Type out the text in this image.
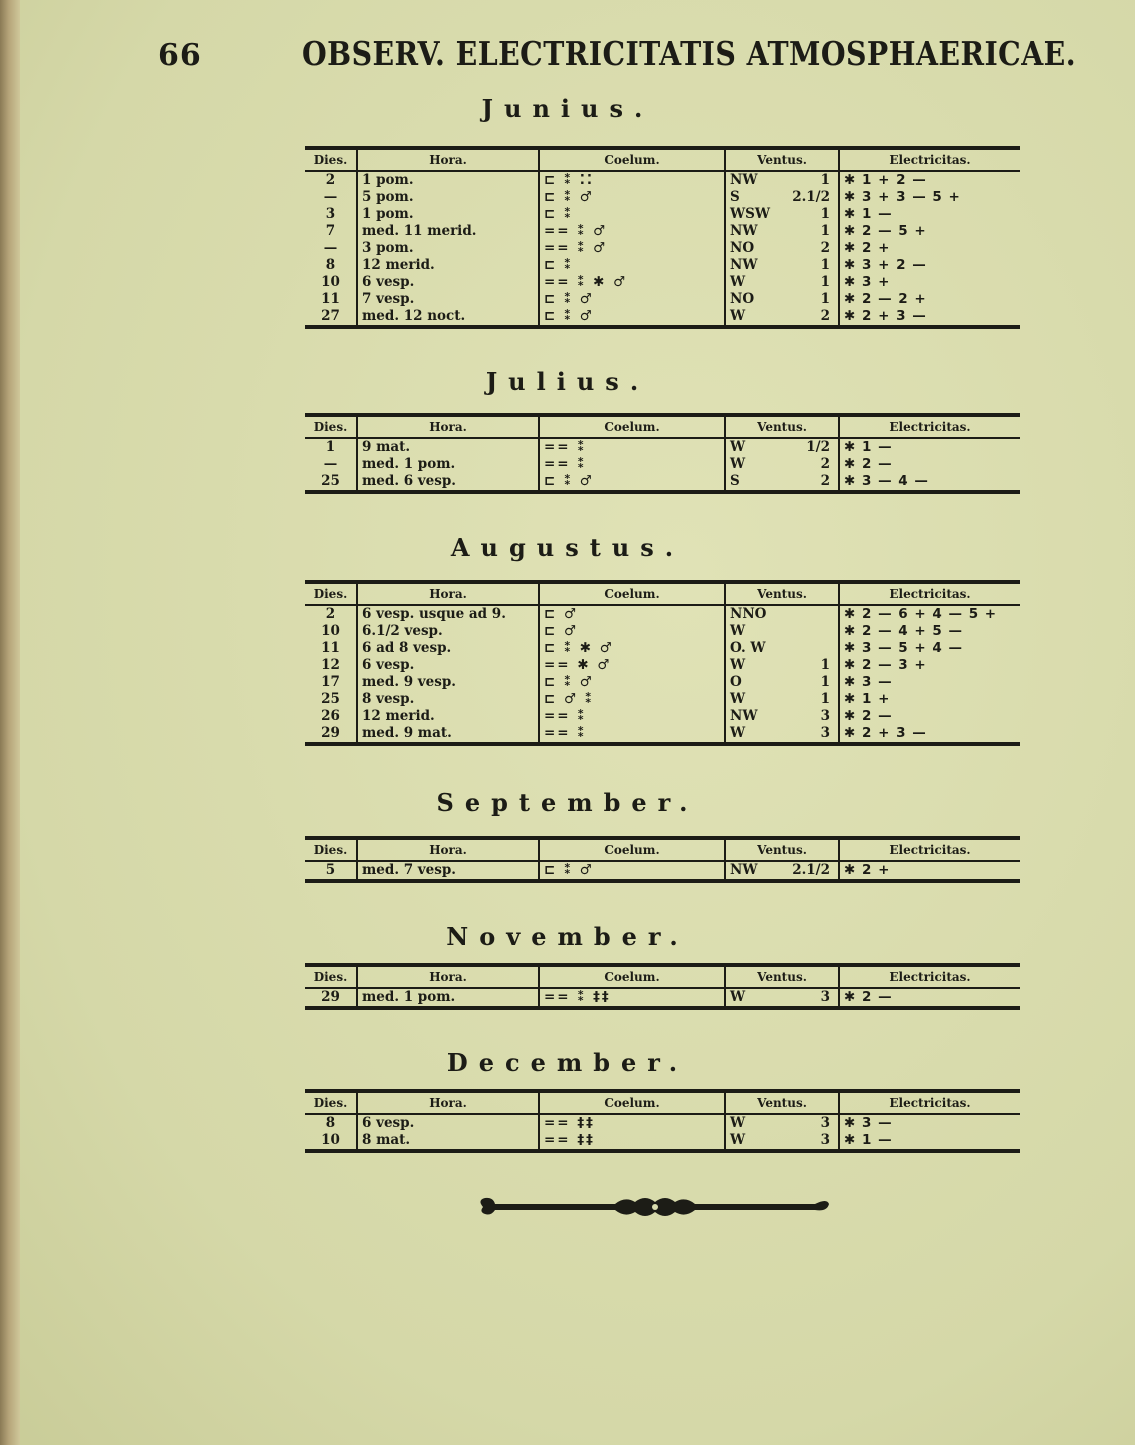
66	OBSERV. ELECTRICITATIS ATMOSPHAERICAE.
Junius.
Dies.	Hora.	Coelum.	Ventus.	Electricitas.
2	1 pom.	⊏ ⁑ ⁚⁚	NW 1	✱ 1 + 2 —
—	5 pom.	⊏ ⁑ ♂	S 2.1/2	✱ 3 + 3 — 5 +
3	1 pom.	⊏ ⁑	WSW 1	✱ 1 —
7	med. 11 merid.	== ⁑ ♂	NW 1	✱ 2 — 5 +
—	3 pom.	== ⁑ ♂	NO 2	✱ 2 +
8	12 merid.	⊏ ⁑	NW 1	✱ 3 + 2 —
10	6 vesp.	== ⁑ ✱ ♂	W 1	✱ 3 +
11	7 vesp.	⊏ ⁑ ♂	NO 1	✱ 2 — 2 +
27	med. 12 noct.	⊏ ⁑ ♂	W 2	✱ 2 + 3 —
Julius.
Dies.	Hora.	Coelum.	Ventus.	Electricitas.
1	9 mat.	== ⁑	W 1/2	✱ 1 —
—	med. 1 pom.	== ⁑	W 2	✱ 2 —
25	med. 6 vesp.	⊏ ⁑ ♂	S 2	✱ 3 — 4 —
Augustus.
Dies.	Hora.	Coelum.	Ventus.	Electricitas.
2	6 vesp. usque ad 9.	⊏ ♂	NNO	✱ 2 — 6 + 4 — 5 +
10	6.1/2 vesp.	⊏ ♂	W	✱ 2 — 4 + 5 —
11	6 ad 8 vesp.	⊏ ⁑ ✱ ♂	O. W	✱ 3 — 5 + 4 —
12	6 vesp.	== ✱ ♂	W 1	✱ 2 — 3 +
17	med. 9 vesp.	⊏ ⁑ ♂	O 1	✱ 3 —
25	8 vesp.	⊏ ♂ ⁑	W 1	✱ 1 +
26	12 merid.	== ⁑	NW 3	✱ 2 —
29	med. 9 mat.	== ⁑	W 3	✱ 2 + 3 —
September.
Dies.	Hora.	Coelum.	Ventus.	Electricitas.
5	med. 7 vesp.	⊏ ⁑ ♂	NW 2.1/2	✱ 2 +
November.
Dies.	Hora.	Coelum.	Ventus.	Electricitas.
29	med. 1 pom.	== ⁑ ‡‡	W 3	✱ 2 —
December.
Dies.	Hora.	Coelum.	Ventus.	Electricitas.
8	6 vesp.	== ‡‡	W 3	✱ 3 —
10	8 mat.	== ‡‡	W 3	✱ 1 —
